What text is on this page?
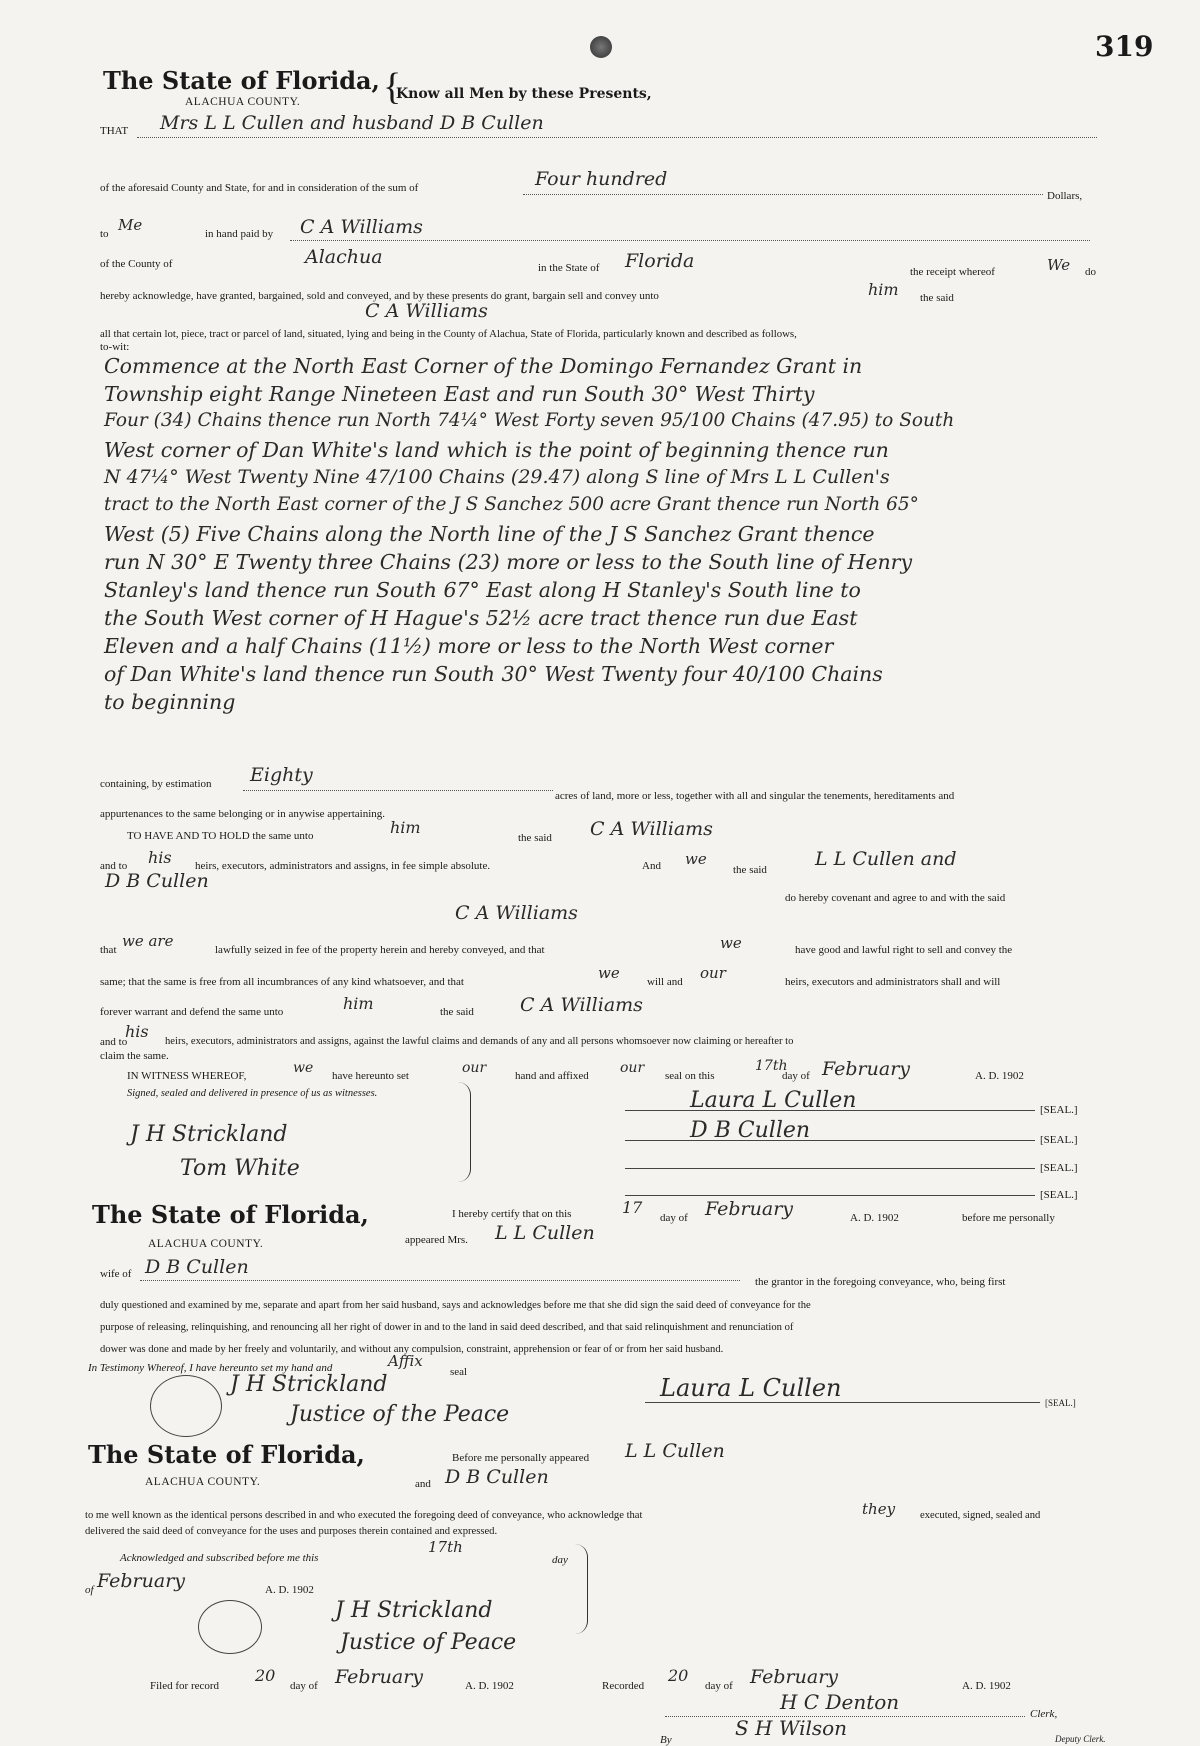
319
The State of Florida,
ALACHUA COUNTY. {
Know all Men by these Presents,
THAT Mrs L L Cullen and husband D B Cullen
of the aforesaid County and State, for and in consideration of the sum of	Four hundred
Dollars,
to Me	in hand paid by C A Williams
of the County of	Alachua	in the State of Florida	the receipt whereof	We do
hereby acknowledge, have granted, bargained, sold and conveyed, and by these presents do grant, bargain sell and convey unto	him the said
C A Williams
all that certain lot, piece, tract or parcel of land, situated, lying and being in the County of Alachua, State of Florida, particularly known and described as follows,
to-wit:
Commence at the North East Corner of the Domingo Fernandez Grant in
Township eight Range Nineteen East and run South 30° West Thirty
Four (34) Chains thence run North 74¼° West Forty seven 95/100 Chains (47.95) to South
West corner of Dan White's land which is the point of beginning thence run
N 47¼° West Twenty Nine 47/100 Chains (29.47) along S line of Mrs L L Cullen's
tract to the North East corner of the J S Sanchez 500 acre Grant thence run North 65°
West (5) Five Chains along the North line of the J S Sanchez Grant thence
run N 30° E Twenty three Chains (23) more or less to the South line of Henry
Stanley's land thence run South 67° East along H Stanley's South line to
the South West corner of H Hague's 52½ acre tract thence run due East
Eleven and a half Chains (11½) more or less to the North West corner
of Dan White's land thence run South 30° West Twenty four 40/100 Chains
to beginning
containing, by estimation Eighty
acres of land, more or less, together with all and singular the tenements, hereditaments and
appurtenances to the same belonging or in anywise appertaining.
TO HAVE AND TO HOLD the same unto	him
the said C A Williams
and to his heirs, executors, administrators and assigns, in fee simple absolute.	And we
the said	L L Cullen and
D B Cullen
do hereby covenant and agree to and with the said
C A Williams
that we are	lawfully seized in fee of the property herein and hereby conveyed, and that	we	have good and lawful right to sell and convey the
same; that the same is free from all incumbrances of any kind whatsoever, and that	we will and our	heirs, executors and administrators shall and will
forever warrant and defend the same unto	him	the said C A Williams
and to
his
heirs, executors, administrators and assigns, against the lawful claims and demands of any and all persons whomsoever now claiming or hereafter to
claim the same.
IN WITNESS WHEREOF,	we have hereunto set	our	hand and affixed our seal on this
17th
day of February	A. D. 1902
Signed, sealed and delivered in presence of us as witnesses.
J H Strickland
Tom White
Laura L Cullen	[SEAL.]
D B Cullen	[SEAL.]
[SEAL.]
[SEAL.]
The State of Florida,
ALACHUA COUNTY.
I hereby certify that on this	17
day of February	A. D. 1902	before me personally
appeared Mrs. L L Cullen
wife of D B Cullen
the grantor in the foregoing conveyance, who, being first
duly questioned and examined by me, separate and apart from her said husband, says and acknowledges before me that she did sign the said deed of conveyance for the
purpose of releasing, relinquishing, and renouncing all her right of dower in and to the land in said deed described, and that said relinquishment and renunciation of
dower was done and made by her freely and voluntarily, and without any compulsion, constraint, apprehension or fear of or from her said husband.
In Testimony Whereof, I have hereunto set my hand and	Affix
seal
J H Strickland
Justice of the Peace
Laura L Cullen
[SEAL.]
The State of Florida,
ALACHUA COUNTY.
Before me personally appeared L L Cullen
and D B Cullen
to me well known as the identical persons described in and who executed the foregoing deed of conveyance, who acknowledge that	they executed, signed, sealed and
delivered the said deed of conveyance for the uses and purposes therein contained and expressed.
Acknowledged and subscribed before me this
17th
day
of February	A. D. 1902
J H Strickland
Justice of Peace
Filed for record
20
day of February	A. D. 1902	Recorded
20
day of February	A. D. 1902
H C Denton	Clerk,
By	S H Wilson	Deputy Clerk.
